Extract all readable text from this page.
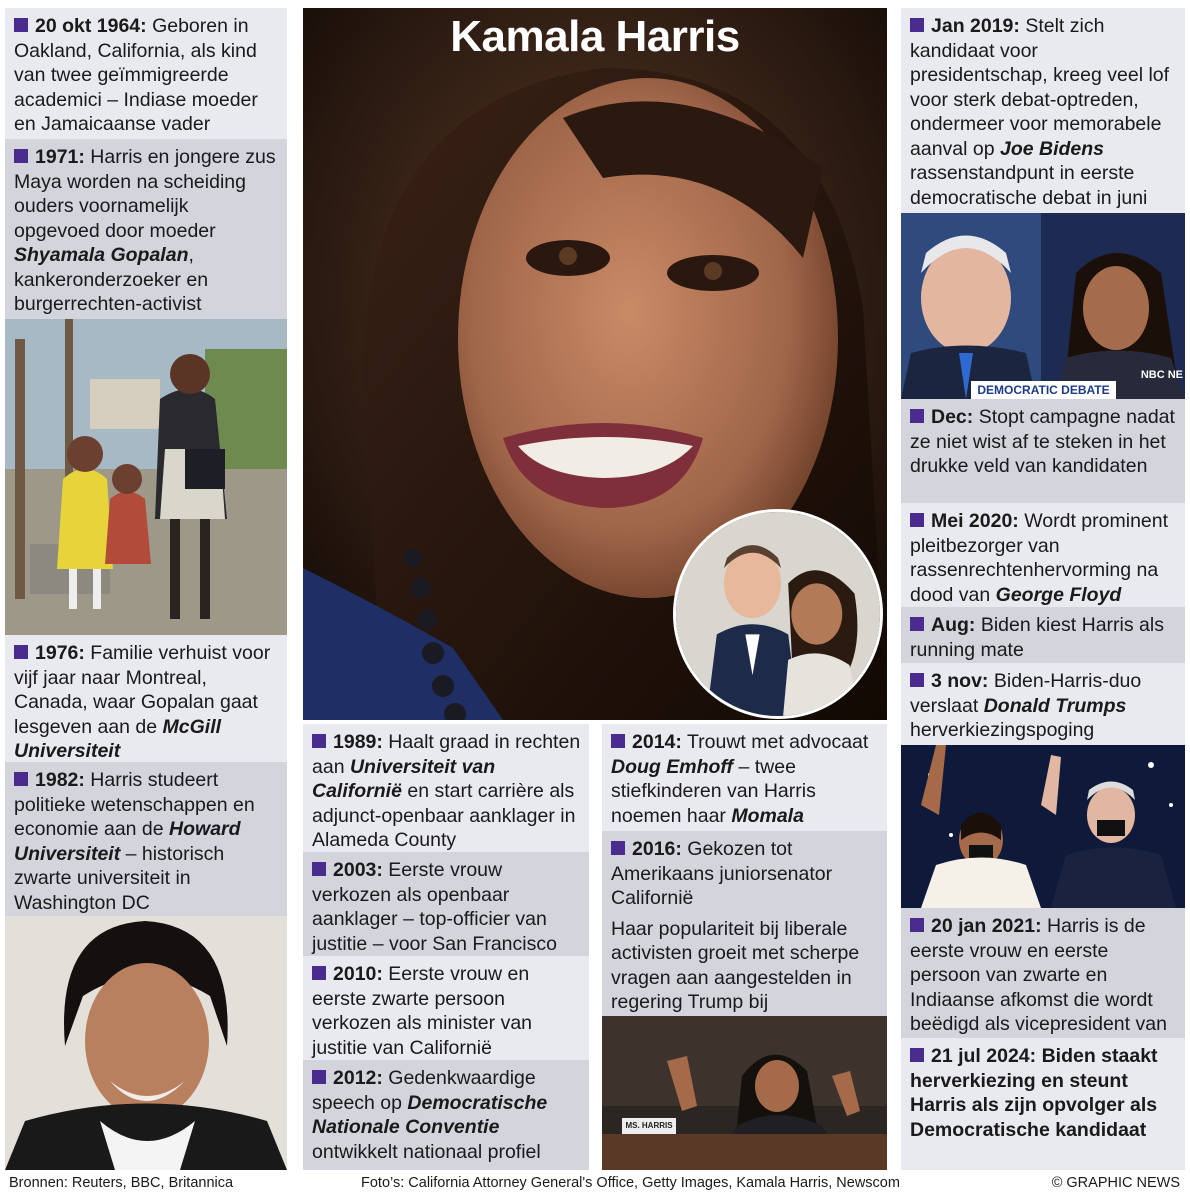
Kamala Harris
20 okt 1964: Geboren in Oakland, California, als kind van twee geïmmigreerde academici – Indiase moeder en Jamaicaanse vader
1971: Harris en jongere zus Maya worden na scheiding ouders voornamelijk opgevoed door moeder Shyamala Gopalan, kankeronderzoeker en burgerrechten-activist
1976: Familie verhuist voor vijf jaar naar Montreal, Canada, waar Gopalan gaat lesgeven aan de McGill Universiteit
1982: Harris studeert politieke wetenschappen en economie aan de Howard Universiteit – historisch zwarte universiteit in Washington DC
1989: Haalt graad in rechten aan Universiteit van Californië en start carrière als adjunct-openbaar aanklager in Alameda County
2003: Eerste vrouw verkozen als openbaar aanklager – top-officier van justitie – voor San Francisco
2010: Eerste vrouw en eerste zwarte persoon verkozen als minister van justitie van Californië
2012: Gedenkwaardige speech op Democratische Nationale Conventie ontwikkelt nationaal profiel
2014: Trouwt met advocaat Doug Emhoff – twee stiefkinderen van Harris noemen haar Momala
2016: Gekozen tot Amerikaans juniorsenator Californië
Haar populariteit bij liberale activisten groeit met scherpe vragen aan aangestelden in regering Trump bij
MS. HARRIS
Jan 2019: Stelt zich kandidaat voor presidentschap, kreeg veel lof voor sterk debat-optreden, ondermeer voor memorabele aanval op Joe Bidens rassenstandpunt in eerste democratische debat in juni
DEMOCRATIC DEBATE
NBC NE
Dec: Stopt campagne nadat ze niet wist af te steken in het drukke veld van kandidaten
Mei 2020: Wordt prominent pleitbezorger van rassenrechtenhervorming na dood van George Floyd
Aug: Biden kiest Harris als running mate
3 nov: Biden-Harris-duo verslaat Donald Trumps herverkiezingspoging
20 jan 2021: Harris is de eerste vrouw en eerste persoon van zwarte en Indiaanse afkomst die wordt beëdigd als vicepresident van
21 jul 2024: Biden staakt herverkiezing en steunt Harris als zijn opvolger als Democratische kandidaat
Bronnen: Reuters, BBC, Britannica	Foto’s: California Attorney General's Office, Getty Images, Kamala Harris, Newscom	© GRAPHIC NEWS
